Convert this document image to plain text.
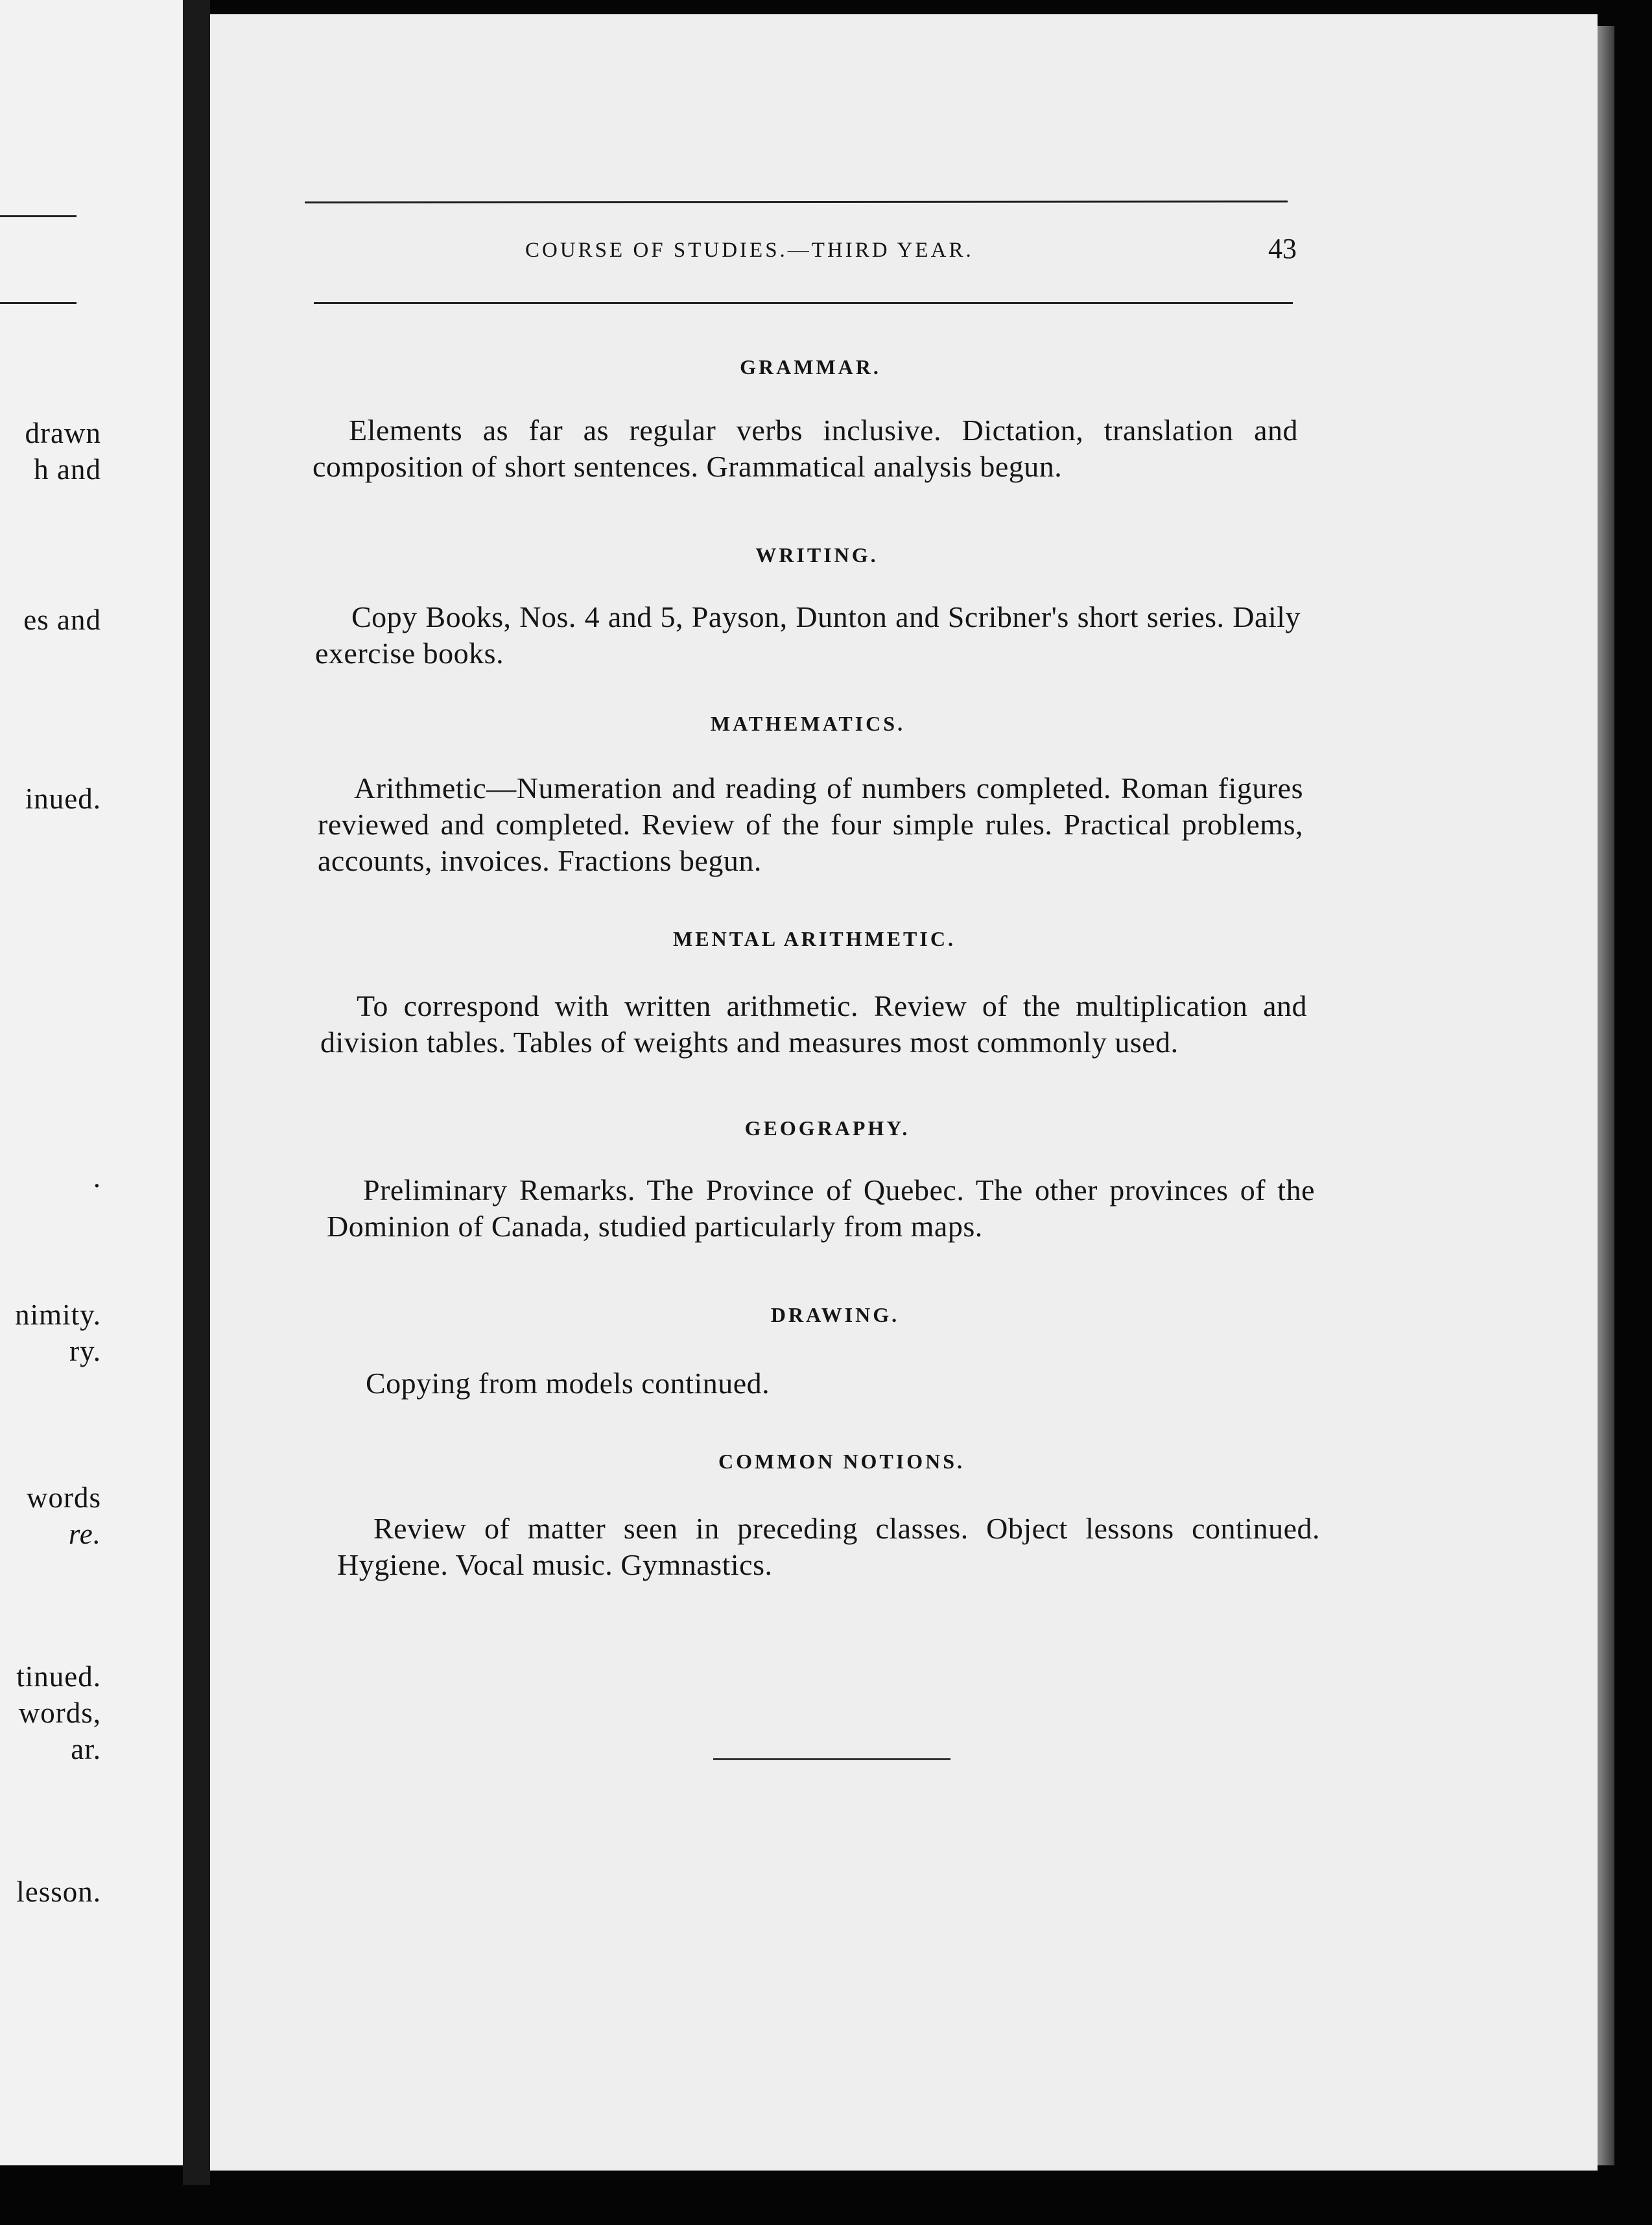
drawn
h and
es and
inued.
.
nimity.
ry.
words
re.
tinued.
words,
ar.
lesson.
COURSE OF STUDIES.—THIRD YEAR.	43
GRAMMAR.
Elements as far as regular verbs inclusive. Dictation, translation and composition of short sentences. Grammatical analysis begun.
WRITING.
Copy Books, Nos. 4 and 5, Payson, Dunton and Scribner's short series. Daily exercise books.
MATHEMATICS.
Arithmetic—Numeration and reading of numbers completed. Roman figures reviewed and completed. Review of the four simple rules. Practical problems, accounts, invoices. Fractions begun.
MENTAL ARITHMETIC.
To correspond with written arithmetic. Review of the multiplication and division tables. Tables of weights and measures most commonly used.
GEOGRAPHY.
Preliminary Remarks. The Province of Quebec. The other provinces of the Dominion of Canada, studied particularly from maps.
DRAWING.
Copying from models continued.
COMMON NOTIONS.
Review of matter seen in preceding classes. Object lessons continued. Hygiene. Vocal music. Gymnastics.
